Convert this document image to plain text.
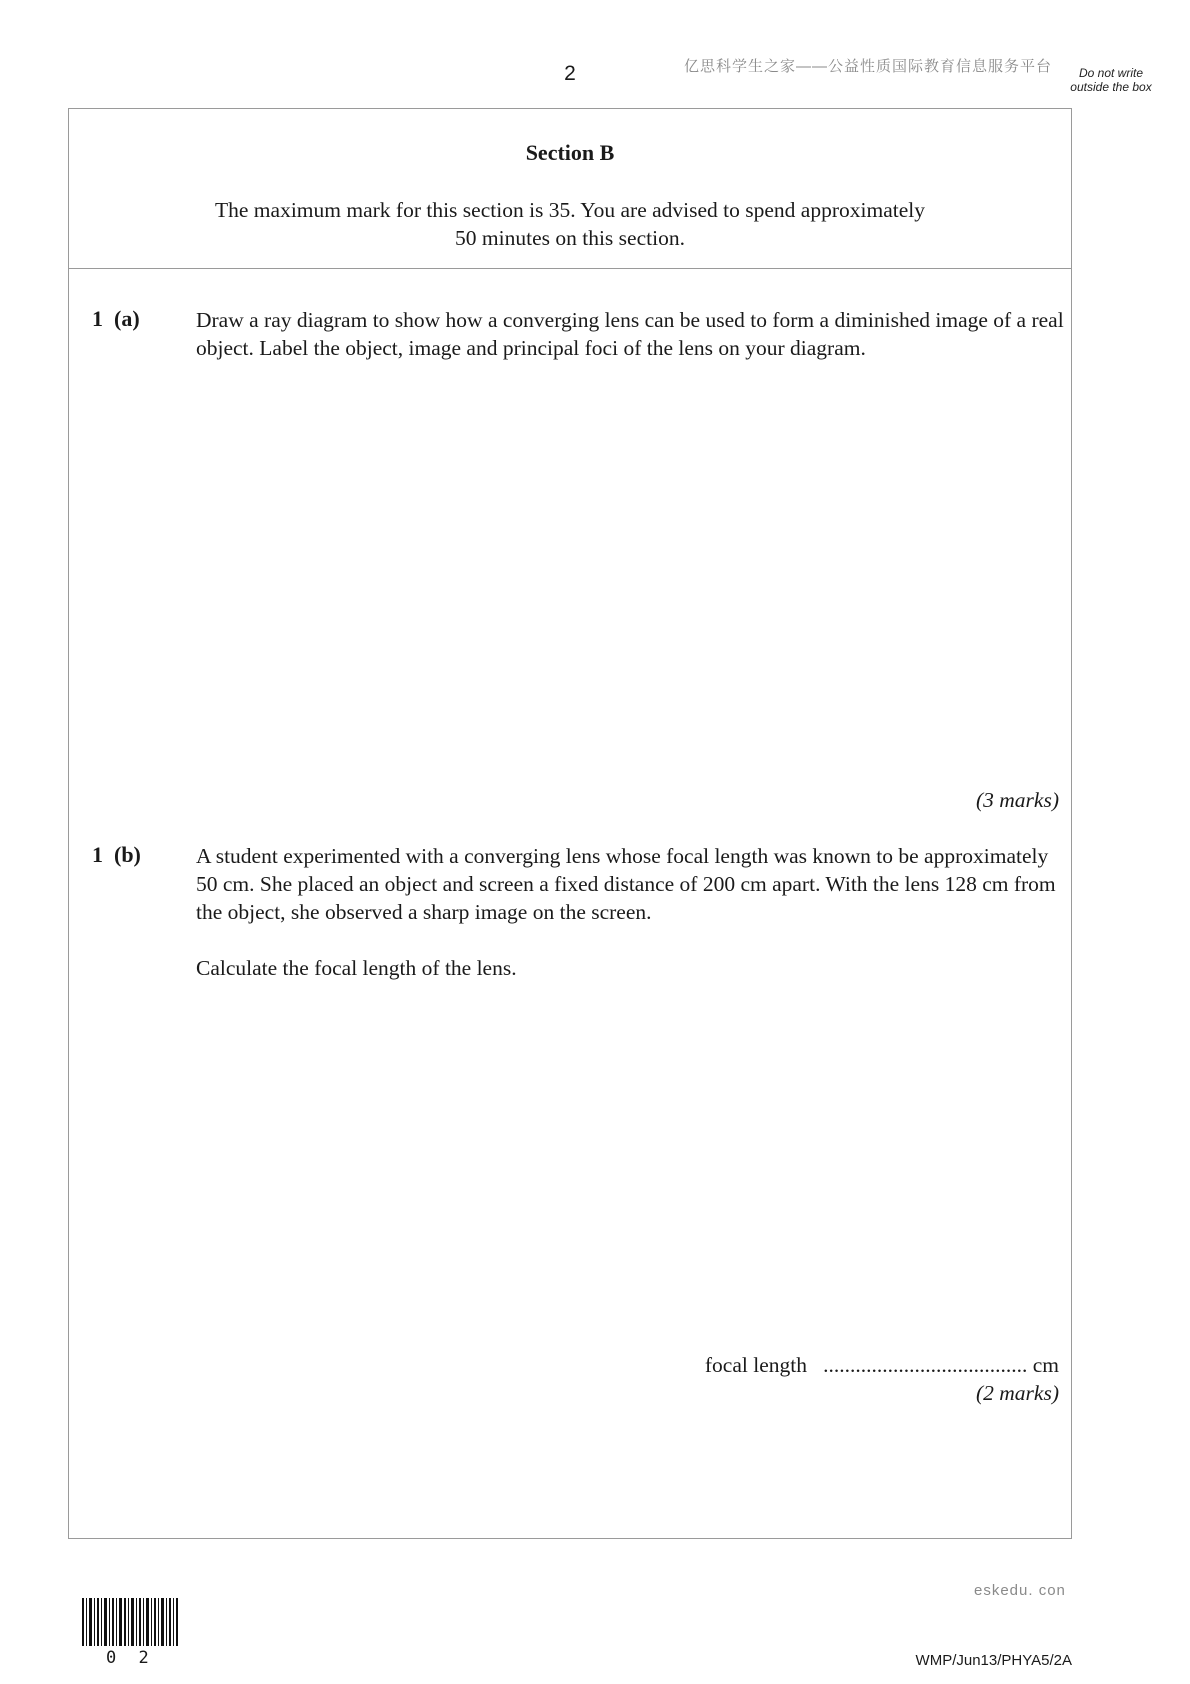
2	亿思科学生之家——公益性质国际教育信息服务平台	Do not write outside the box
Section B
The maximum mark for this section is 35. You are advised to spend approximately
50 minutes on this section.
1 (a)	Draw a ray diagram to show how a converging lens can be used to form a diminished image of a real object. Label the object, image and principal foci of the lens on your diagram.

(3 marks)
1 (b)	A student experimented with a converging lens whose focal length was known to be approximately 50 cm. She placed an object and screen a fixed distance of 200 cm apart. With the lens 128 cm from the object, she observed a sharp image on the screen.

Calculate the focal length of the lens.

focal length ...................................... cm
(2 marks)
eskedu. con
0 2	WMP/Jun13/PHYA5/2A
